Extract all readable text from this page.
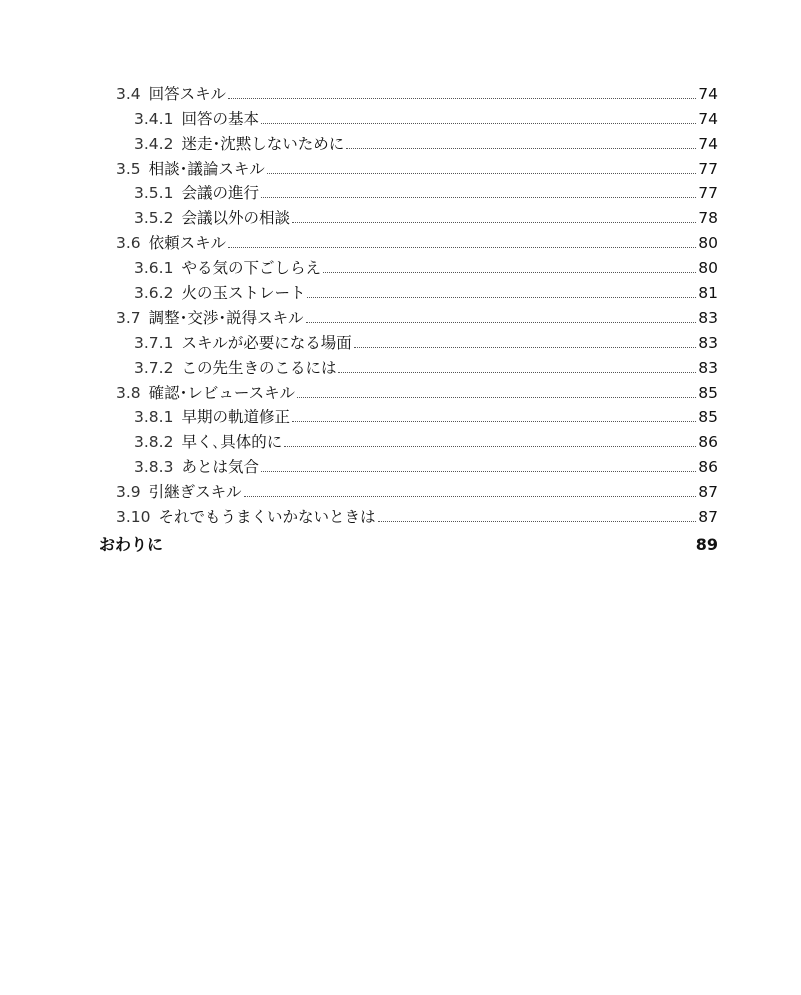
3.4 回答スキル	74
3.4.1 回答の基本	74
3.4.2 迷走･沈黙しないために	74
3.5 相談･議論スキル	77
3.5.1 会議の進行	77
3.5.2 会議以外の相談	78
3.6 依頼スキル	80
3.6.1 やる気の下ごしらえ	80
3.6.2 火の玉ストレート	81
3.7 調整･交渉･説得スキル	83
3.7.1 スキルが必要になる場面	83
3.7.2 この先生きのこるには	83
3.8 確認･レビュースキル	85
3.8.1 早期の軌道修正	85
3.8.2 早く､具体的に	86
3.8.3 あとは気合	86
3.9 引継ぎスキル	87
3.10 それでもうまくいかないときは	87
おわりに	89
